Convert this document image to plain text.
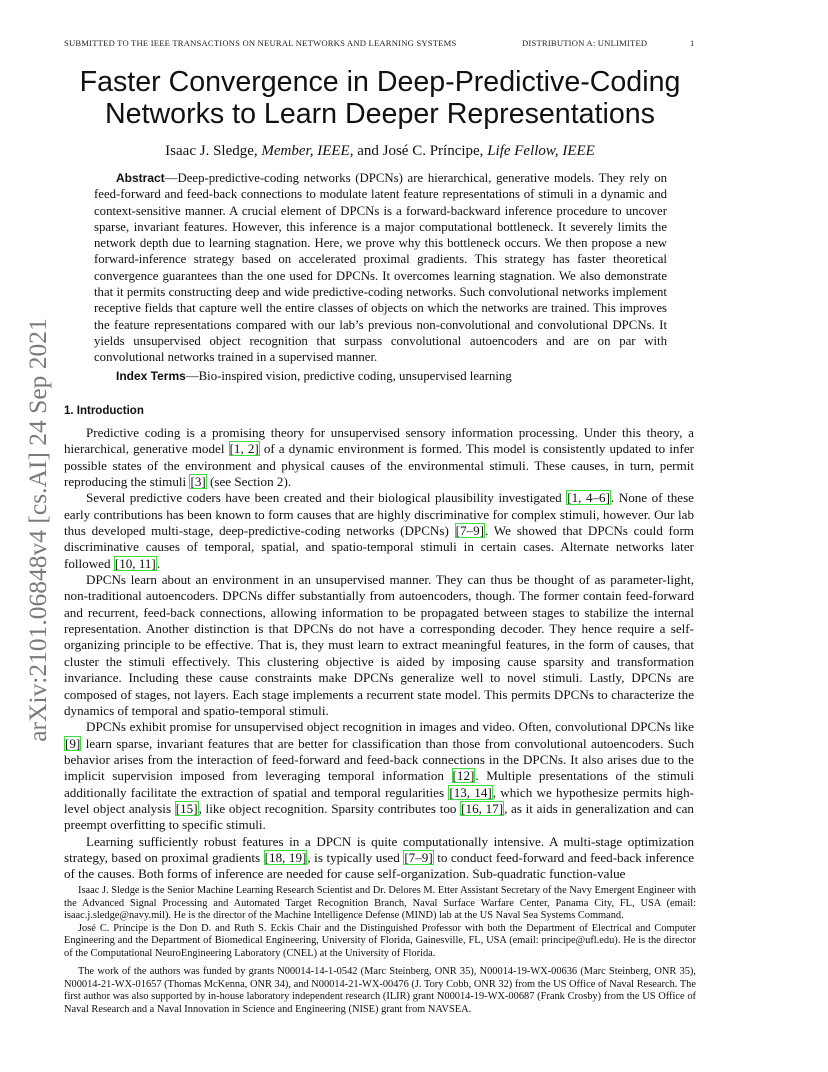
SUBMITTED TO THE IEEE TRANSACTIONS ON NEURAL NETWORKS AND LEARNING SYSTEMS	DISTRIBUTION A: UNLIMITED	1
arXiv:2101.06848v4 [cs.AI] 24 Sep 2021
Faster Convergence in Deep-Predictive-Coding
Networks to Learn Deeper Representations
Isaac J. Sledge, Member, IEEE, and José C. Príncipe, Life Fellow, IEEE

Abstract—Deep-predictive-coding networks (DPCNs) are hierarchical, generative models. They rely on feed-forward and feed-back connections to modulate latent feature representations of stimuli in a dynamic and context-sensitive manner. A crucial element of DPCNs is a forward-backward inference procedure to uncover sparse, invariant features. However, this inference is a major computational bottleneck. It severely limits the network depth due to learning stagnation. Here, we prove why this bottleneck occurs. We then propose a new forward-inference strategy based on accelerated proximal gradients. This strategy has faster theoretical convergence guarantees than the one used for DPCNs. It overcomes learning stagnation. We also demonstrate that it permits constructing deep and wide predictive-coding networks. Such convolutional networks implement receptive fields that capture well the entire classes of objects on which the networks are trained. This improves the feature representations compared with our lab’s previous non-convolutional and convolutional DPCNs. It yields unsupervised object recognition that surpass convolutional autoencoders and are on par with convolutional networks trained in a supervised manner.

Index Terms—Bio-inspired vision, predictive coding, unsupervised learning

1. Introduction

Predictive coding is a promising theory for unsupervised sensory information processing. Under this theory, a hierarchical, generative model [1, 2] of a dynamic environment is formed. This model is consistently updated to infer possible states of the environment and physical causes of the environmental stimuli. These causes, in turn, permit reproducing the stimuli [3] (see Section 2).

Several predictive coders have been created and their biological plausibility investigated [1, 4–6]. None of these early contributions has been known to form causes that are highly discriminative for complex stimuli, however. Our lab thus developed multi-stage, deep-predictive-coding networks (DPCNs) [7–9]. We showed that DPCNs could form discriminative causes of temporal, spatial, and spatio-temporal stimuli in certain cases. Alternate networks later followed [10, 11].

DPCNs learn about an environment in an unsupervised manner. They can thus be thought of as parameter-light, non-traditional autoencoders. DPCNs differ substantially from autoencoders, though. The former contain feed-forward and recurrent, feed-back connections, allowing information to be propagated between stages to stabilize the internal representation. Another distinction is that DPCNs do not have a corresponding decoder. They hence require a self-organizing principle to be effective. That is, they must learn to extract meaningful features, in the form of causes, that cluster the stimuli effectively. This clustering objective is aided by imposing cause sparsity and transformation invariance. Including these cause constraints make DPCNs generalize well to novel stimuli. Lastly, DPCNs are composed of stages, not layers. Each stage implements a recurrent state model. This permits DPCNs to characterize the dynamics of temporal and spatio-temporal stimuli.

DPCNs exhibit promise for unsupervised object recognition in images and video. Often, convolutional DPCNs like [9] learn sparse, invariant features that are better for classification than those from convolutional autoencoders. Such behavior arises from the interaction of feed-forward and feed-back connections in the DPCNs. It also arises due to the implicit supervision imposed from leveraging temporal information [12]. Multiple presentations of the stimuli additionally facilitate the extraction of spatial and temporal regularities [13, 14], which we hypothesize permits high-level object analysis [15], like object recognition. Sparsity contributes too [16, 17], as it aids in generalization and can preempt overfitting to specific stimuli.

Learning sufficiently robust features in a DPCN is quite computationally intensive. A multi-stage optimization strategy, based on proximal gradients [18, 19], is typically used [7–9] to conduct feed-forward and feed-back inference of the causes. Both forms of inference are needed for cause self-organization. Sub-quadratic function-value

Isaac J. Sledge is the Senior Machine Learning Research Scientist and Dr. Delores M. Etter Assistant Secretary of the Navy Emergent Engineer with the Advanced Signal Processing and Automated Target Recognition Branch, Naval Surface Warfare Center, Panama City, FL, USA (email: isaac.j.sledge@navy.mil). He is the director of the Machine Intelligence Defense (MIND) lab at the US Naval Sea Systems Command.

José C. Príncipe is the Don D. and Ruth S. Eckis Chair and the Distinguished Professor with both the Department of Electrical and Computer Engineering and the Department of Biomedical Engineering, University of Florida, Gainesville, FL, USA (email: principe@ufl.edu). He is the director of the Computational NeuroEngineering Laboratory (CNEL) at the University of Florida.

The work of the authors was funded by grants N00014-14-1-0542 (Marc Steinberg, ONR 35), N00014-19-WX-00636 (Marc Steinberg, ONR 35), N00014-21-WX-01657 (Thomas McKenna, ONR 34), and N00014-21-WX-00476 (J. Tory Cobb, ONR 32) from the US Office of Naval Research. The first author was also supported by in-house laboratory independent research (ILIR) grant N00014-19-WX-00687 (Frank Crosby) from the US Office of Naval Research and a Naval Innovation in Science and Engineering (NISE) grant from NAVSEA.
